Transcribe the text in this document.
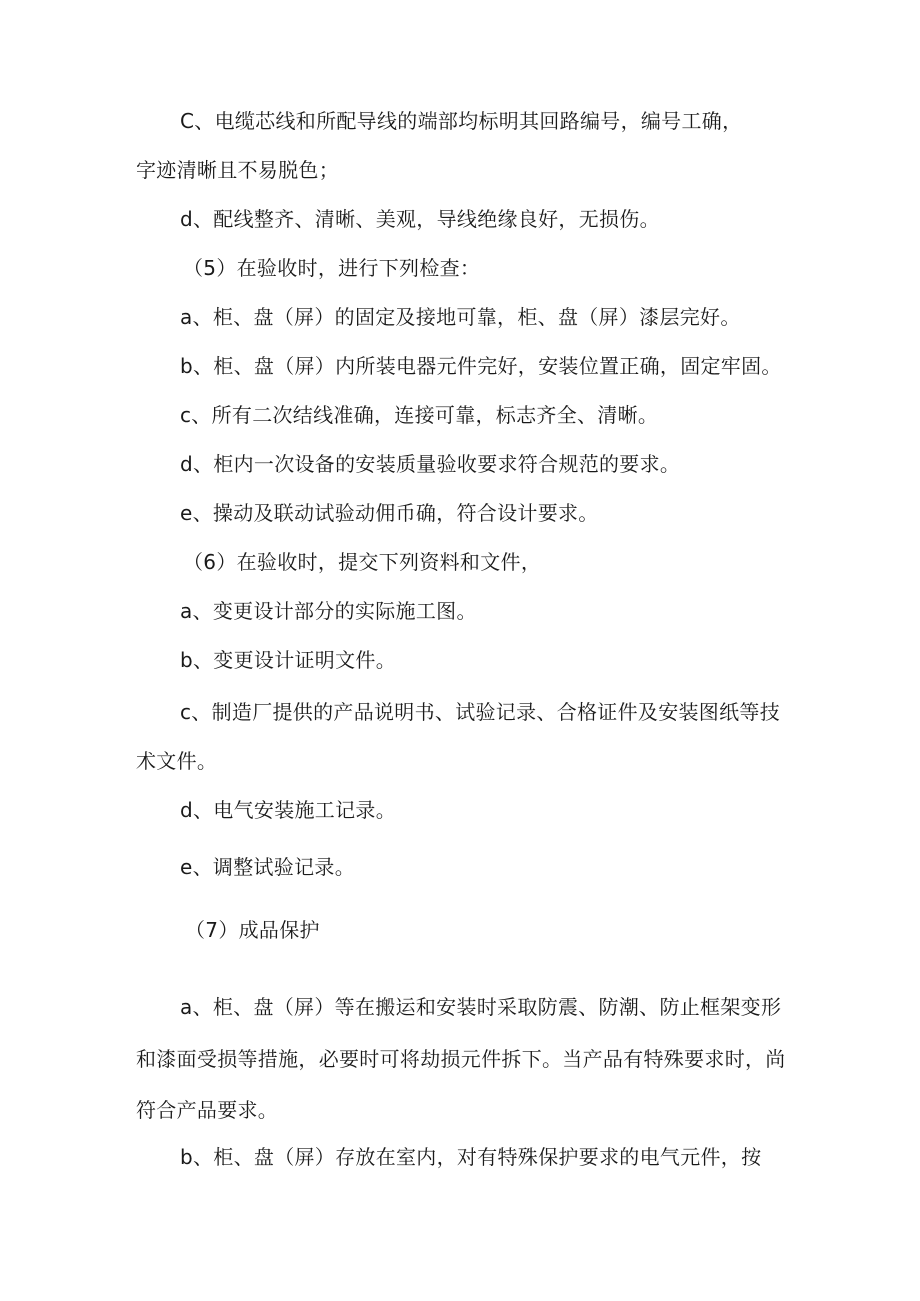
C、电缆芯线和所配导线的端部均标明其回路编号，编号工确，
字迹清晰且不易脱色；
d、配线整齐、清晰、美观，导线绝缘良好，无损伤。
（5）在验收时，进行下列检查：
a、柜、盘（屏）的固定及接地可靠，柜、盘（屏）漆层完好。
b、柜、盘（屏）内所装电器元件完好，安装位置正确，固定牢固。
c、所有二次结线准确，连接可靠，标志齐全、清晰。
d、柜内一次设备的安装质量验收要求符合规范的要求。
e、操动及联动试验动佣币确，符合设计要求。
（6）在验收时，提交下列资料和文件，
a、变更设计部分的实际施工图。
b、变更设计证明文件。
c、制造厂提供的产品说明书、试验记录、合格证件及安装图纸等技
术文件。
d、电气安装施工记录。
e、调整试验记录。
（7）成品保护
a、柜、盘（屏）等在搬运和安装时采取防震、防潮、防止框架变形
和漆面受损等措施，必要时可将劫损元件拆下。当产品有特殊要求时，尚
符合产品要求。
b、柜、盘（屏）存放在室内，对有特殊保护要求的电气元件，按
